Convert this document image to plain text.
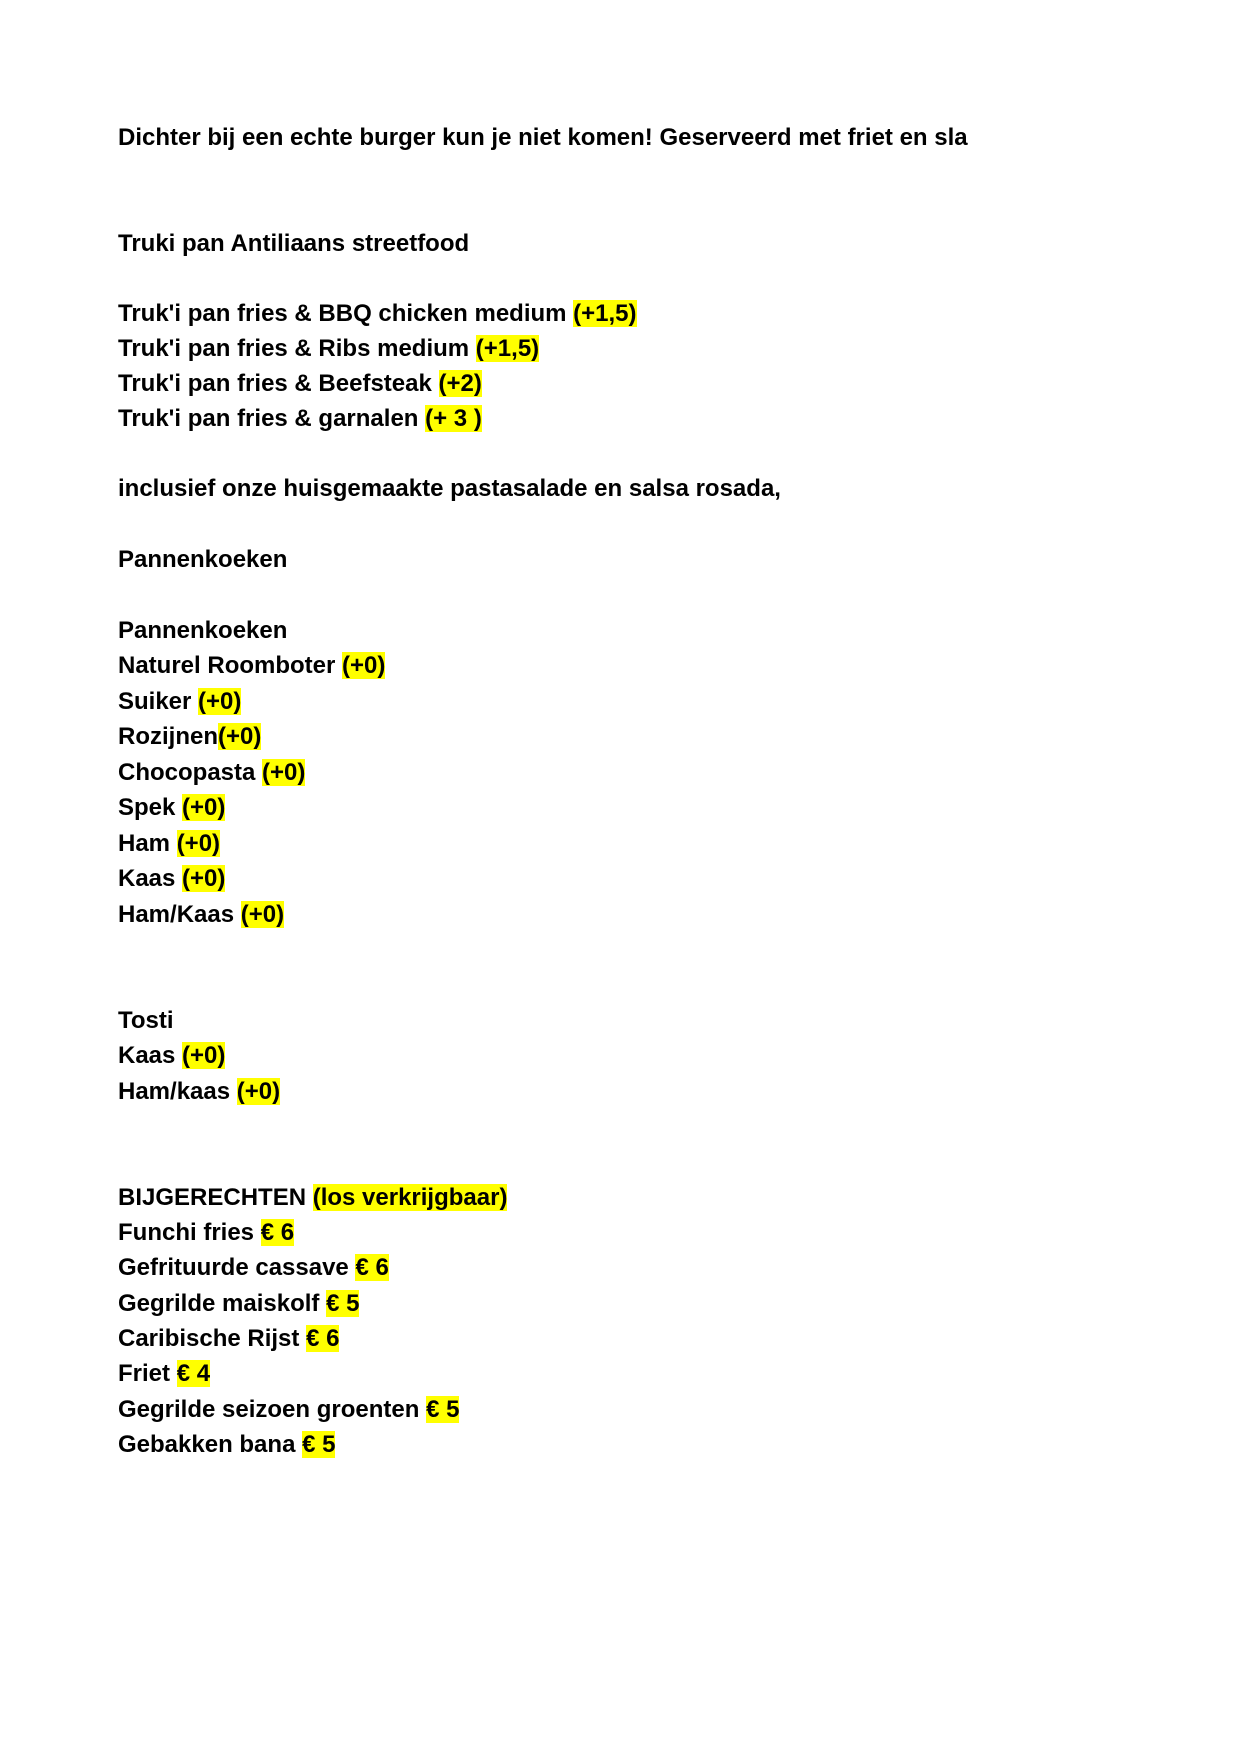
Dichter bij een echte burger kun je niet komen! Geserveerd met friet en sla
Truki pan Antiliaans streetfood
Truk'i pan fries & BBQ chicken medium (+1,5)
Truk'i pan fries & Ribs medium (+1,5)
Truk'i pan fries & Beefsteak (+2)
Truk'i pan fries & garnalen (+ 3 )
inclusief onze huisgemaakte pastasalade en salsa rosada,
Pannenkoeken
Pannenkoeken
Naturel Roomboter (+0)
Suiker (+0)
Rozijnen(+0)
Chocopasta (+0)
Spek (+0)
Ham (+0)
Kaas (+0)
Ham/Kaas (+0)
Tosti
Kaas (+0)
Ham/kaas (+0)
BIJGERECHTEN (los verkrijgbaar)
Funchi fries € 6
Gefrituurde cassave € 6
Gegrilde maiskolf € 5
Caribische Rijst € 6
Friet € 4
Gegrilde seizoen groenten € 5
Gebakken bana € 5
